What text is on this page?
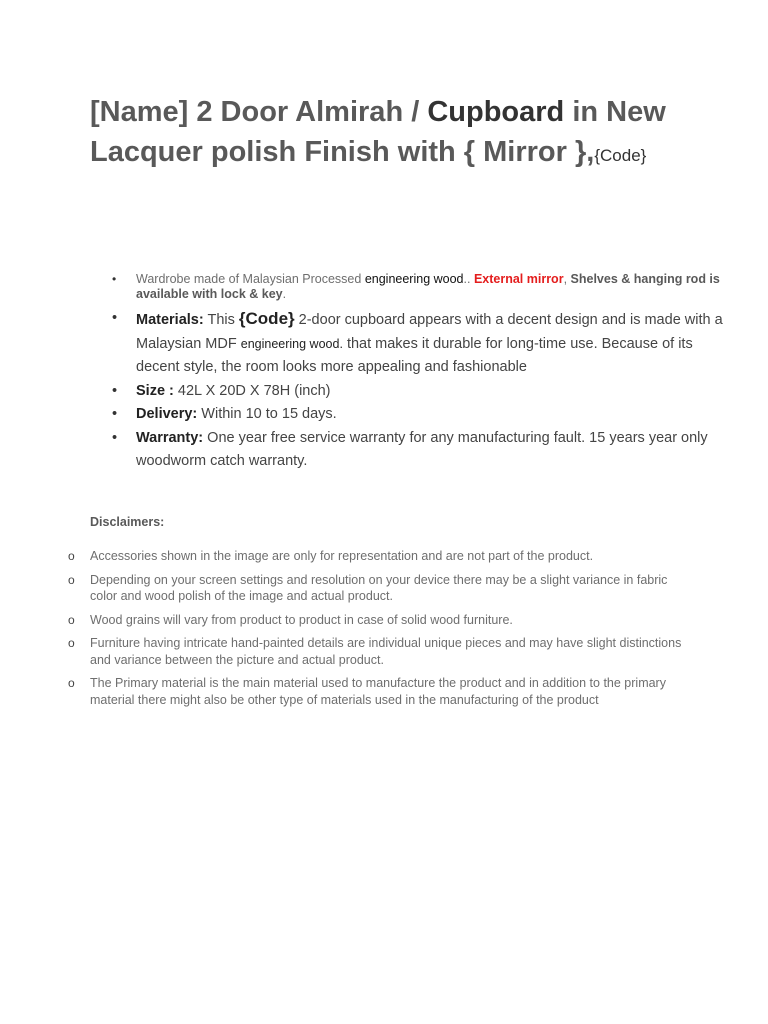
[Name] 2 Door Almirah / Cupboard in New Lacquer polish Finish with { Mirror },{Code}
• Wardrobe made of Malaysian Processed engineering wood.. External mirror, Shelves & hanging rod is available with lock & key.
• Materials: This {Code} 2-door cupboard appears with a decent design and is made with a Malaysian MDF engineering wood. that makes it durable for long-time use. Because of its decent style, the room looks more appealing and fashionable
• Size : 42L X 20D X 78H (inch)
• Delivery: Within 10 to 15 days.
• Warranty: One year free service warranty for any manufacturing fault. 15 years year only woodworm catch warranty.
Disclaimers:
o Accessories shown in the image are only for representation and are not part of the product.
o Depending on your screen settings and resolution on your device there may be a slight variance in fabric color and wood polish of the image and actual product.
o Wood grains will vary from product to product in case of solid wood furniture.
o Furniture having intricate hand-painted details are individual unique pieces and may have slight distinctions and variance between the picture and actual product.
o The Primary material is the main material used to manufacture the product and in addition to the primary material there might also be other type of materials used in the manufacturing of the product
